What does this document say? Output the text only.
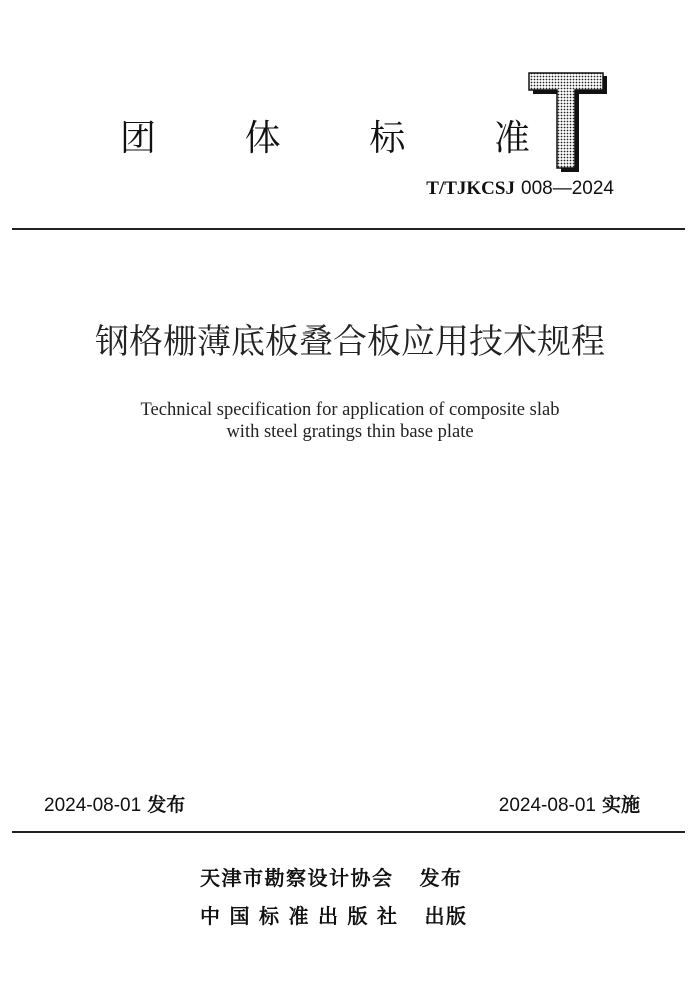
团 体 标 准
T
T/TJKCSJ 008—2024
钢格栅薄底板叠合板应用技术规程
Technical specification for application of composite slab
with steel gratings thin base plate
2024-08-01 发布	2024-08-01 实施
天津市勘察设计协会 发布
中国标准出版社 出版
